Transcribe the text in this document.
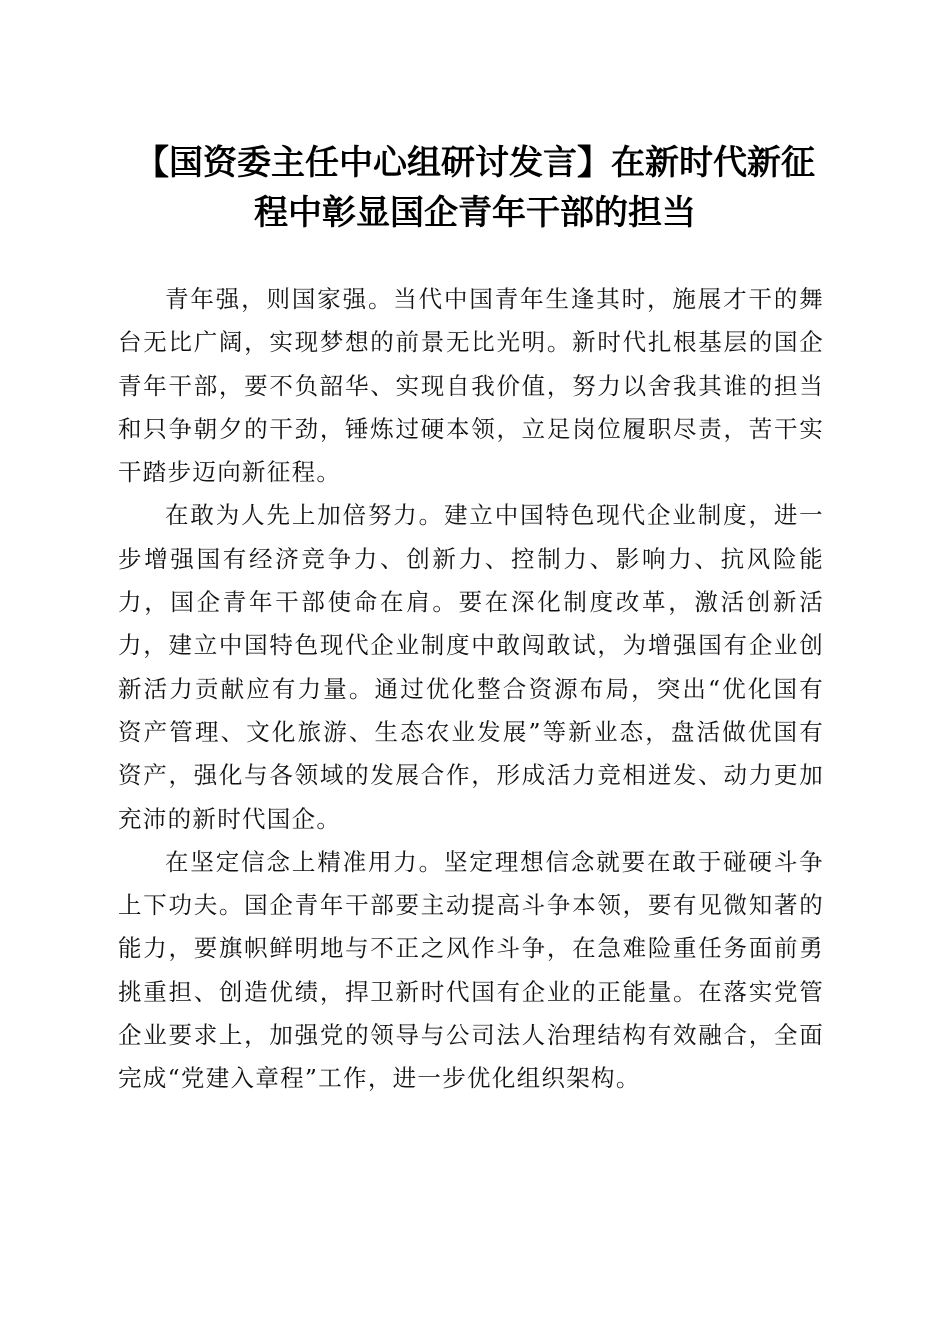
【国资委主任中心组研讨发言】在新时代新征
程中彰显国企青年干部的担当

青年强，则国家强。当代中国青年生逢其时，施展才干的舞台无比广阔，实现梦想的前景无比光明。新时代扎根基层的国企青年干部，要不负韶华、实现自我价值，努力以舍我其谁的担当和只争朝夕的干劲，锤炼过硬本领，立足岗位履职尽责，苦干实干踏步迈向新征程。

在敢为人先上加倍努力。建立中国特色现代企业制度，进一步增强国有经济竞争力、创新力、控制力、影响力、抗风险能力，国企青年干部使命在肩。要在深化制度改革，激活创新活力，建立中国特色现代企业制度中敢闯敢试，为增强国有企业创新活力贡献应有力量。通过优化整合资源布局，突出“优化国有资产管理、文化旅游、生态农业发展”等新业态，盘活做优国有资产，强化与各领域的发展合作，形成活力竞相迸发、动力更加充沛的新时代国企。

在坚定信念上精准用力。坚定理想信念就要在敢于碰硬斗争上下功夫。国企青年干部要主动提高斗争本领，要有见微知著的能力，要旗帜鲜明地与不正之风作斗争，在急难险重任务面前勇挑重担、创造优绩，捍卫新时代国有企业的正能量。在落实党管企业要求上，加强党的领导与公司法人治理结构有效融合，全面完成“党建入章程”工作，进一步优化组织架构。
